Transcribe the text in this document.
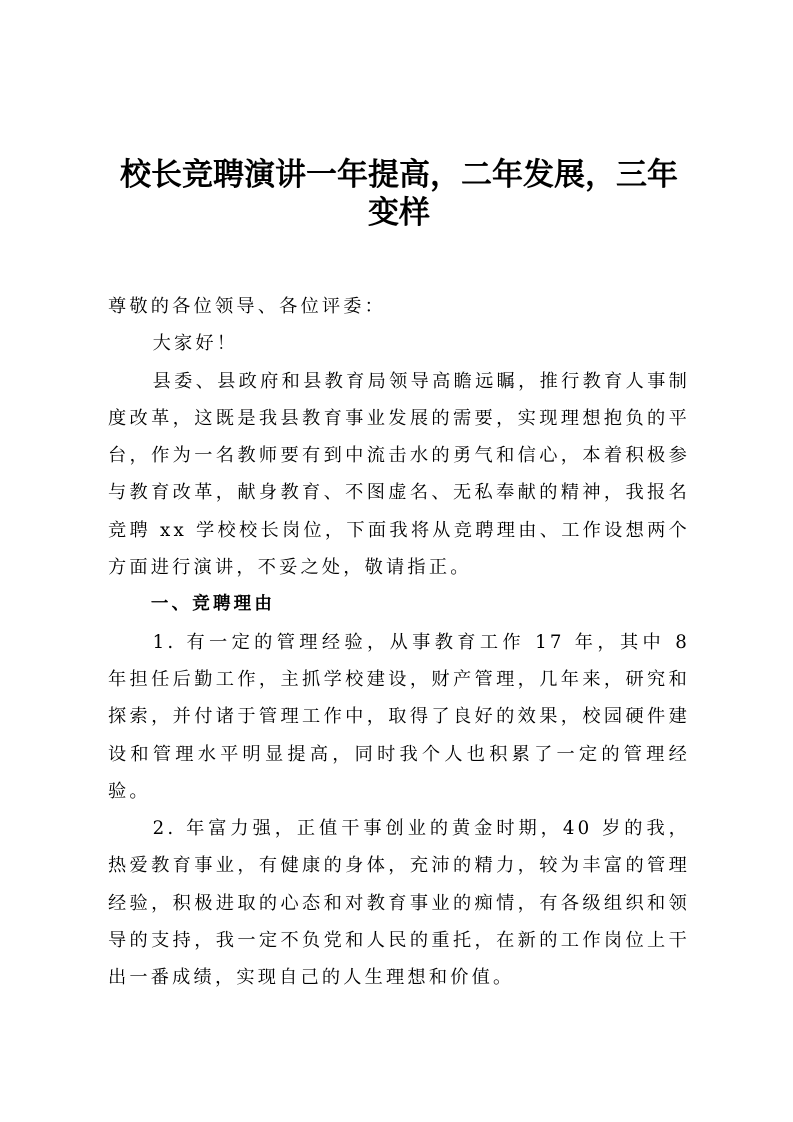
校长竞聘演讲一年提高，二年发展，三年变样

尊敬的各位领导、各位评委：

大家好！

县委、县政府和县教育局领导高瞻远瞩，推行教育人事制度改革，这既是我县教育事业发展的需要，实现理想抱负的平台，作为一名教师要有到中流击水的勇气和信心，本着积极参与教育改革，献身教育、不图虚名、无私奉献的精神，我报名竞聘 xx 学校校长岗位，下面我将从竞聘理由、工作设想两个方面进行演讲，不妥之处，敬请指正。

一、竞聘理由

1. 有一定的管理经验，从事教育工作 17 年，其中 8 年担任后勤工作，主抓学校建设，财产管理，几年来，研究和探索，并付诸于管理工作中，取得了良好的效果，校园硬件建设和管理水平明显提高，同时我个人也积累了一定的管理经验。

2. 年富力强，正值干事创业的黄金时期，40 岁的我，热爱教育事业，有健康的身体，充沛的精力，较为丰富的管理经验，积极进取的心态和对教育事业的痴情，有各级组织和领导的支持，我一定不负党和人民的重托，在新的工作岗位上干出一番成绩，实现自己的人生理想和价值。
